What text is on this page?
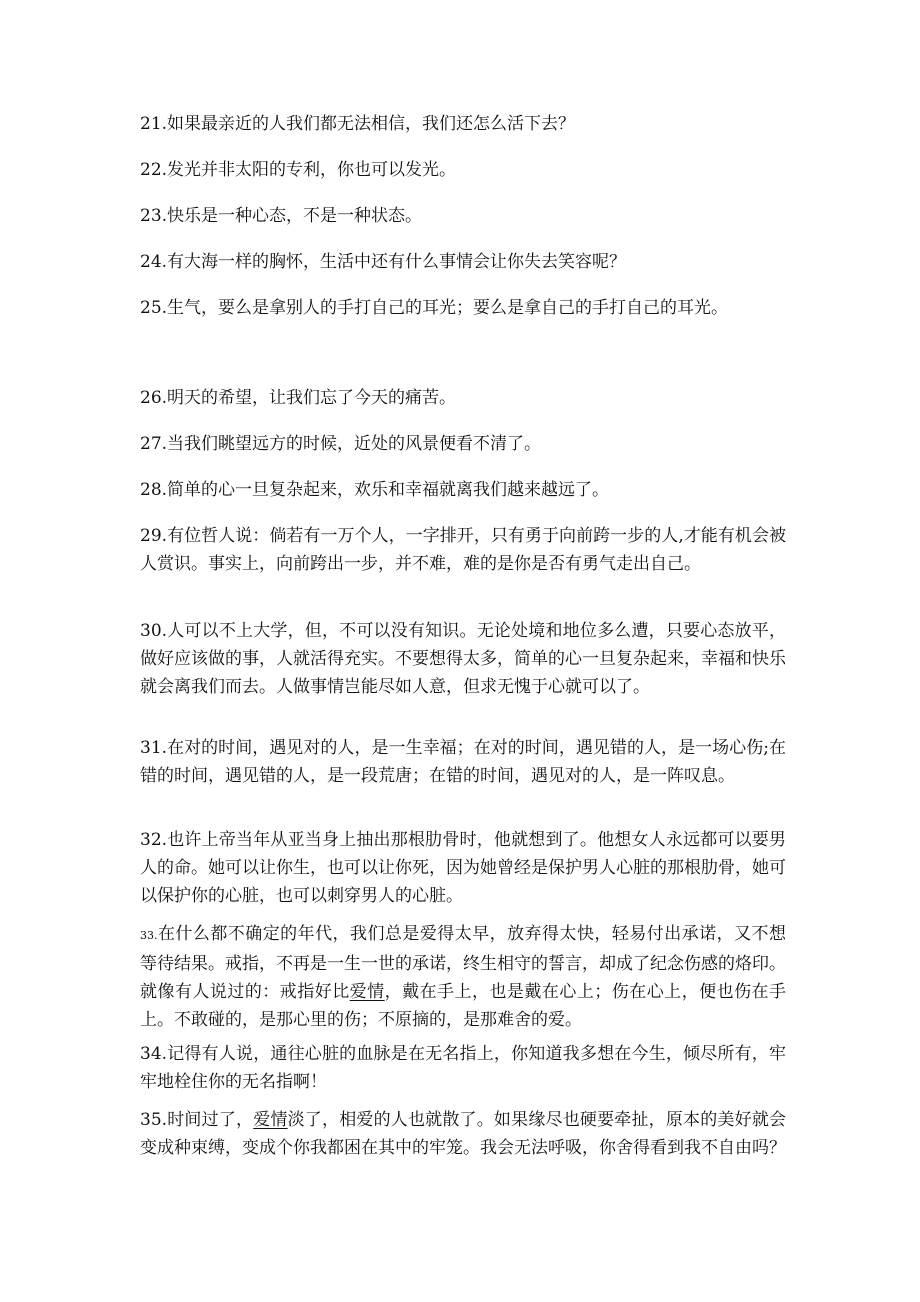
21.如果最亲近的人我们都无法相信，我们还怎么活下去？

22.发光并非太阳的专利，你也可以发光。

23.快乐是一种心态，不是一种状态。

24.有大海一样的胸怀，生活中还有什么事情会让你失去笑容呢？

25.生气，要么是拿别人的手打自己的耳光；要么是拿自己的手打自己的耳光。

26.明天的希望，让我们忘了今天的痛苦。

27.当我们眺望远方的时候，近处的风景便看不清了。

28.简单的心一旦复杂起来，欢乐和幸福就离我们越来越远了。

29.有位哲人说：倘若有一万个人，一字排开，只有勇于向前跨一步的人,才能有机会被人赏识。事实上，向前跨出一步，并不难，难的是你是否有勇气走出自己。

30.人可以不上大学，但，不可以没有知识。无论处境和地位多么遭，只要心态放平，做好应该做的事，人就活得充实。不要想得太多，简单的心一旦复杂起来，幸福和快乐就会离我们而去。人做事情岂能尽如人意，但求无愧于心就可以了。

31.在对的时间，遇见对的人，是一生幸福；在对的时间，遇见错的人，是一场心伤;在错的时间，遇见错的人，是一段荒唐；在错的时间，遇见对的人，是一阵叹息。

32.也许上帝当年从亚当身上抽出那根肋骨时，他就想到了。他想女人永远都可以要男人的命。她可以让你生，也可以让你死，因为她曾经是保护男人心脏的那根肋骨，她可以保护你的心脏，也可以刺穿男人的心脏。

33.在什么都不确定的年代，我们总是爱得太早，放弃得太快，轻易付出承诺，又不想等待结果。戒指，不再是一生一世的承诺，终生相守的誓言，却成了纪念伤感的烙印。就像有人说过的：戒指好比爱情，戴在手上，也是戴在心上；伤在心上，便也伤在手上。不敢碰的，是那心里的伤；不原摘的，是那难舍的爱。

34.记得有人说，通往心脏的血脉是在无名指上，你知道我多想在今生，倾尽所有，牢牢地栓住你的无名指啊！

35.时间过了，爱情淡了，相爱的人也就散了。如果缘尽也硬要牵扯，原本的美好就会变成种束缚，变成个你我都困在其中的牢笼。我会无法呼吸，你舍得看到我不自由吗？
